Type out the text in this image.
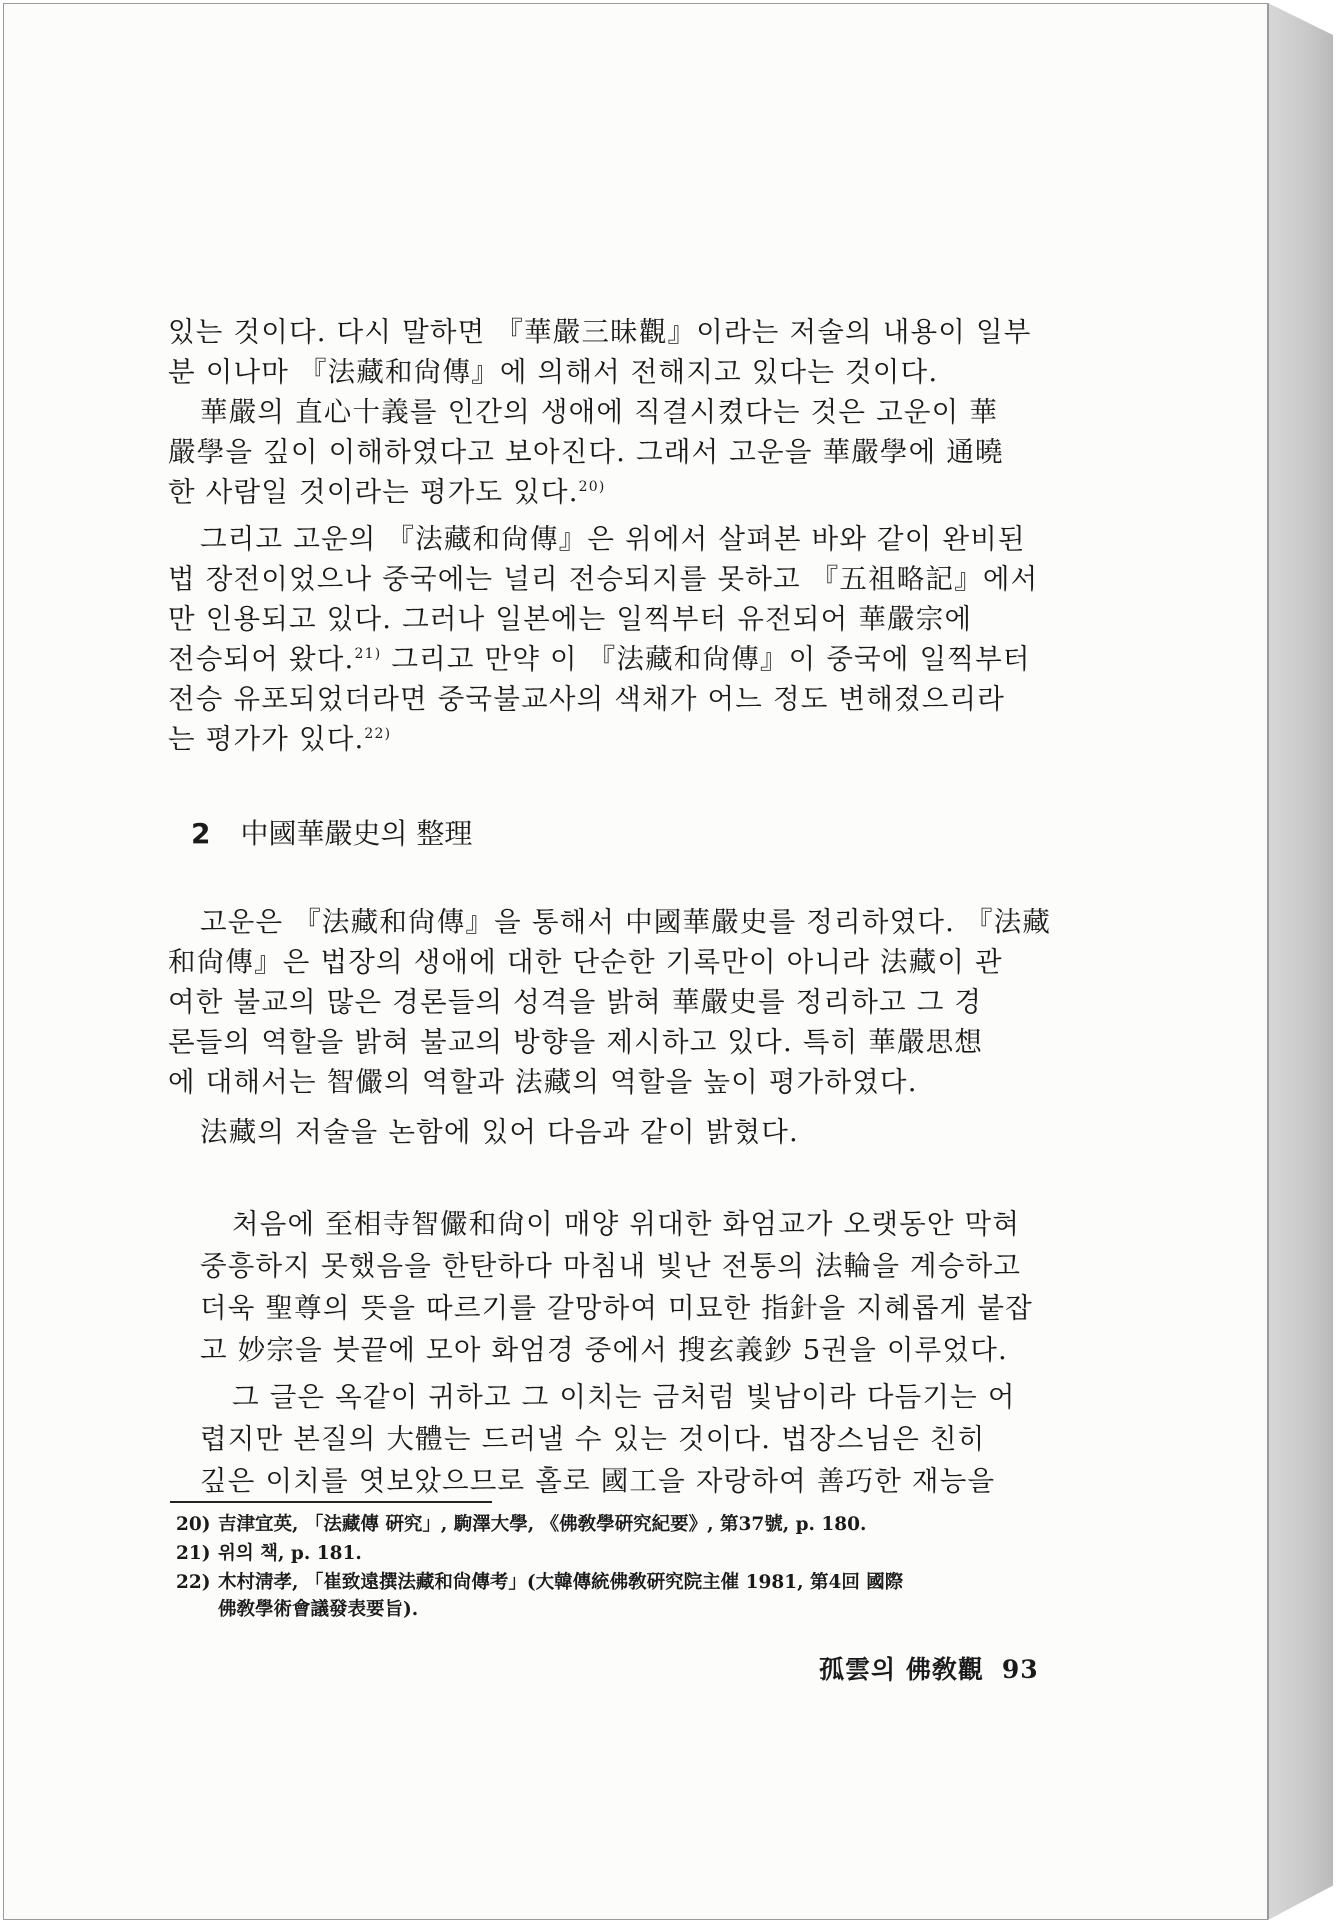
있는 것이다. 다시 말하면 『華嚴三昧觀』이라는 저술의 내용이 일부
분 이나마 『法藏和尙傳』에 의해서 전해지고 있다는 것이다.
華嚴의 直心十義를 인간의 생애에 직결시켰다는 것은 고운이 華
嚴學을 깊이 이해하였다고 보아진다. 그래서 고운을 華嚴學에 通曉
한 사람일 것이라는 평가도 있다.$^{20)}$
그리고 고운의 『法藏和尙傳』은 위에서 살펴본 바와 같이 완비된
법 장전이었으나 중국에는 널리 전승되지를 못하고 『五祖略記』에서
만 인용되고 있다. 그러나 일본에는 일찍부터 유전되어 華嚴宗에
전승되어 왔다.$^{21)}$ 그리고 만약 이 『法藏和尙傳』이 중국에 일찍부터
전승 유포되었더라면 중국불교사의 색채가 어느 정도 변해졌으리라
는 평가가 있다.$^{22)}$
2 中國華嚴史의 整理
고운은 『法藏和尙傳』을 통해서 中國華嚴史를 정리하였다. 『法藏
和尙傳』은 법장의 생애에 대한 단순한 기록만이 아니라 法藏이 관
여한 불교의 많은 경론들의 성격을 밝혀 華嚴史를 정리하고 그 경
론들의 역할을 밝혀 불교의 방향을 제시하고 있다. 특히 華嚴思想
에 대해서는 智儼의 역할과 法藏의 역할을 높이 평가하였다.
法藏의 저술을 논함에 있어 다음과 같이 밝혔다.
처음에 至相寺智儼和尙이 매양 위대한 화엄교가 오랫동안 막혀
중흥하지 못했음을 한탄하다 마침내 빛난 전통의 法輪을 계승하고
더욱 聖尊의 뜻을 따르기를 갈망하여 미묘한 指針을 지혜롭게 붙잡
고 妙宗을 붓끝에 모아 화엄경 중에서 搜玄義鈔 5권을 이루었다.
그 글은 옥같이 귀하고 그 이치는 금처럼 빛남이라 다듬기는 어
렵지만 본질의 大體는 드러낼 수 있는 것이다. 법장스님은 친히
깊은 이치를 엿보았으므로 홀로 國工을 자랑하여 善巧한 재능을
20) 吉津宜英, 「法藏傳 硏究」, 駒澤大學, 《佛敎學硏究紀要》, 第37號, p. 180.
21) 위의 책, p. 181.
22) 木村淸孝, 「崔致遠撰法藏和尙傳考」(大韓傳統佛敎硏究院主催 1981, 第4回 國際
佛敎學術會議發表要旨).
孤雲의 佛敎觀 93
